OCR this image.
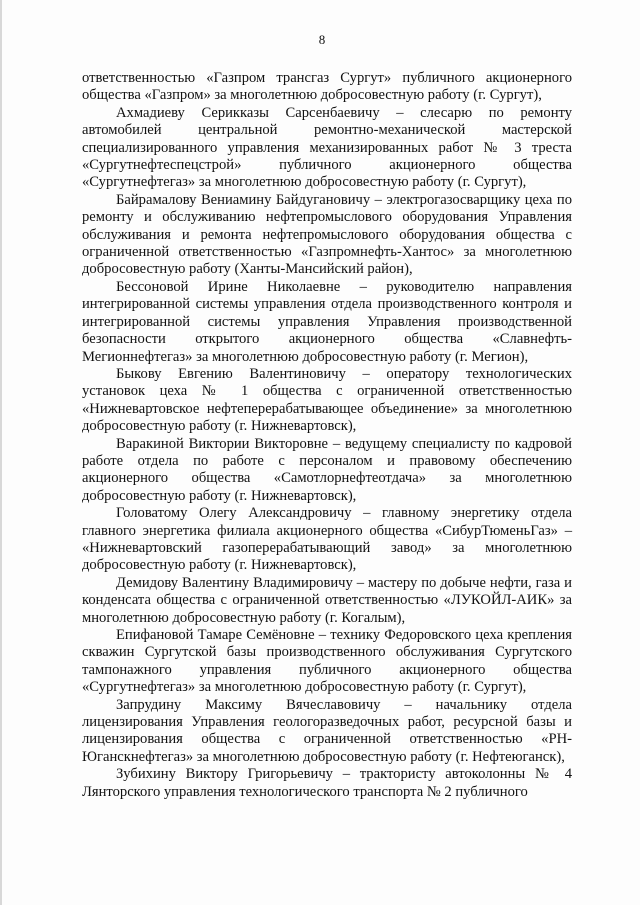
8

ответственностью «Газпром трансгаз Сургут» публичного акционерного общества «Газпром» за многолетнюю добросовестную работу (г. Сургут),

Ахмадиеву Серикказы Сарсенбаевичу – слесарю по ремонту автомобилей центральной ремонтно-механической мастерской специализированного управления механизированных работ № 3 треста «Сургутнефтеспецстрой» публичного акционерного общества «Сургутнефтегаз» за многолетнюю добросовестную работу (г. Сургут),

Байрамалову Вениамину Байдугановичу – электрогазосварщику цеха по ремонту и обслуживанию нефтепромыслового оборудования Управления обслуживания и ремонта нефтепромыслового оборудования общества с ограниченной ответственностью «Газпромнефть-Хантос» за многолетнюю добросовестную работу (Ханты-Мансийский район),

Бессоновой Ирине Николаевне – руководителю направления интегрированной системы управления отдела производственного контроля и интегрированной системы управления Управления производственной безопасности открытого акционерного общества «Славнефть-Мегионнефтегаз» за многолетнюю добросовестную работу (г. Мегион),

Быкову Евгению Валентиновичу – оператору технологических установок цеха № 1 общества с ограниченной ответственностью «Нижневартовское нефтеперерабатывающее объединение» за многолетнюю добросовестную работу (г. Нижневартовск),

Варакиной Виктории Викторовне – ведущему специалисту по кадровой работе отдела по работе с персоналом и правовому обеспечению акционерного общества «Самотлорнефтеотдача» за многолетнюю добросовестную работу (г. Нижневартовск),

Головатому Олегу Александровичу – главному энергетику отдела главного энергетика филиала акционерного общества «СибурТюменьГаз» – «Нижневартовский газоперерабатывающий завод» за многолетнюю добросовестную работу (г. Нижневартовск),

Демидову Валентину Владимировичу – мастеру по добыче нефти, газа и конденсата общества с ограниченной ответственностью «ЛУКОЙЛ-АИК» за многолетнюю добросовестную работу (г. Когалым),

Епифановой Тамаре Семёновне – технику Федоровского цеха крепления скважин Сургутской базы производственного обслуживания Сургутского тампонажного управления публичного акционерного общества «Сургутнефтегаз» за многолетнюю добросовестную работу (г. Сургут),

Запрудину Максиму Вячеславовичу – начальнику отдела лицензирования Управления геологоразведочных работ, ресурсной базы и лицензирования общества с ограниченной ответственностью «РН-Юганскнефтегаз» за многолетнюю добросовестную работу (г. Нефтеюганск),

Зубихину Виктору Григорьевичу – трактористу автоколонны № 4 Лянторского управления технологического транспорта № 2 публичного
